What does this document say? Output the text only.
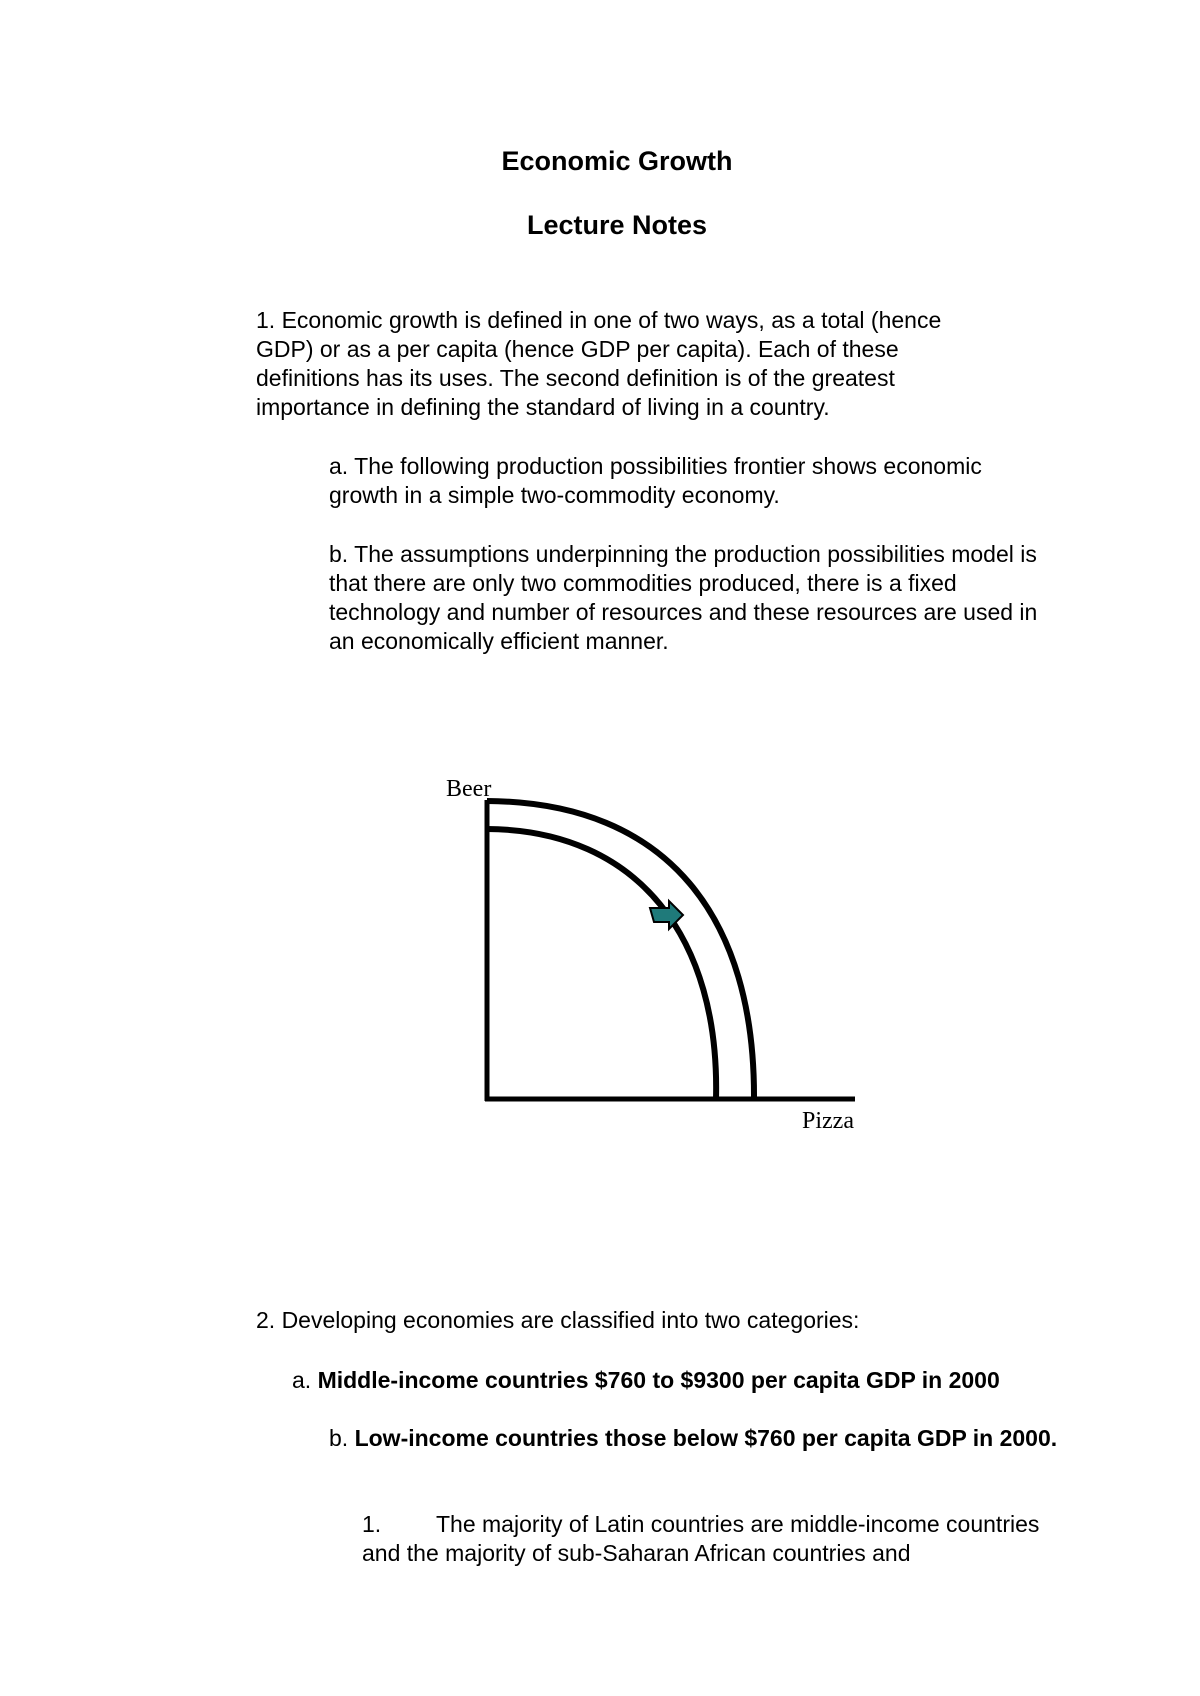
Economic Growth
Lecture Notes

1. Economic growth is defined in one of two ways, as a total (hence GDP) or as a per capita (hence GDP per capita). Each of these definitions has its uses. The second definition is of the greatest importance in defining the standard of living in a country.

a. The following production possibilities frontier shows economic growth in a simple two-commodity economy.

b. The assumptions underpinning the production possibilities model is that there are only two commodities produced, there is a fixed technology and number of resources and these resources are used in an economically efficient manner.

Beer
Pizza

2. Developing economies are classified into two categories:

a. Middle-income countries $760 to $9300 per capita GDP in 2000

b. Low-income countries those below $760 per capita GDP in 2000.

1. The majority of Latin countries are middle-income countries and the majority of sub-Saharan African countries and
